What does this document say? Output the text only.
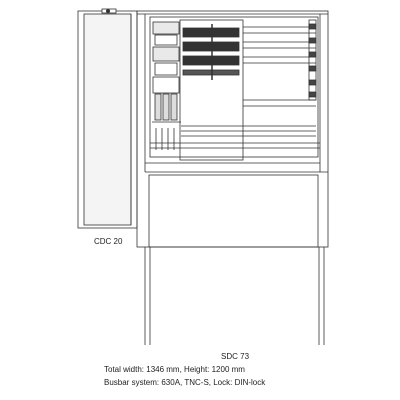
CDC 20
SDC 73
Total width: 1346 mm, Height: 1200 mm
Busbar system: 630A, TNC-S, Lock: DIN-lock
